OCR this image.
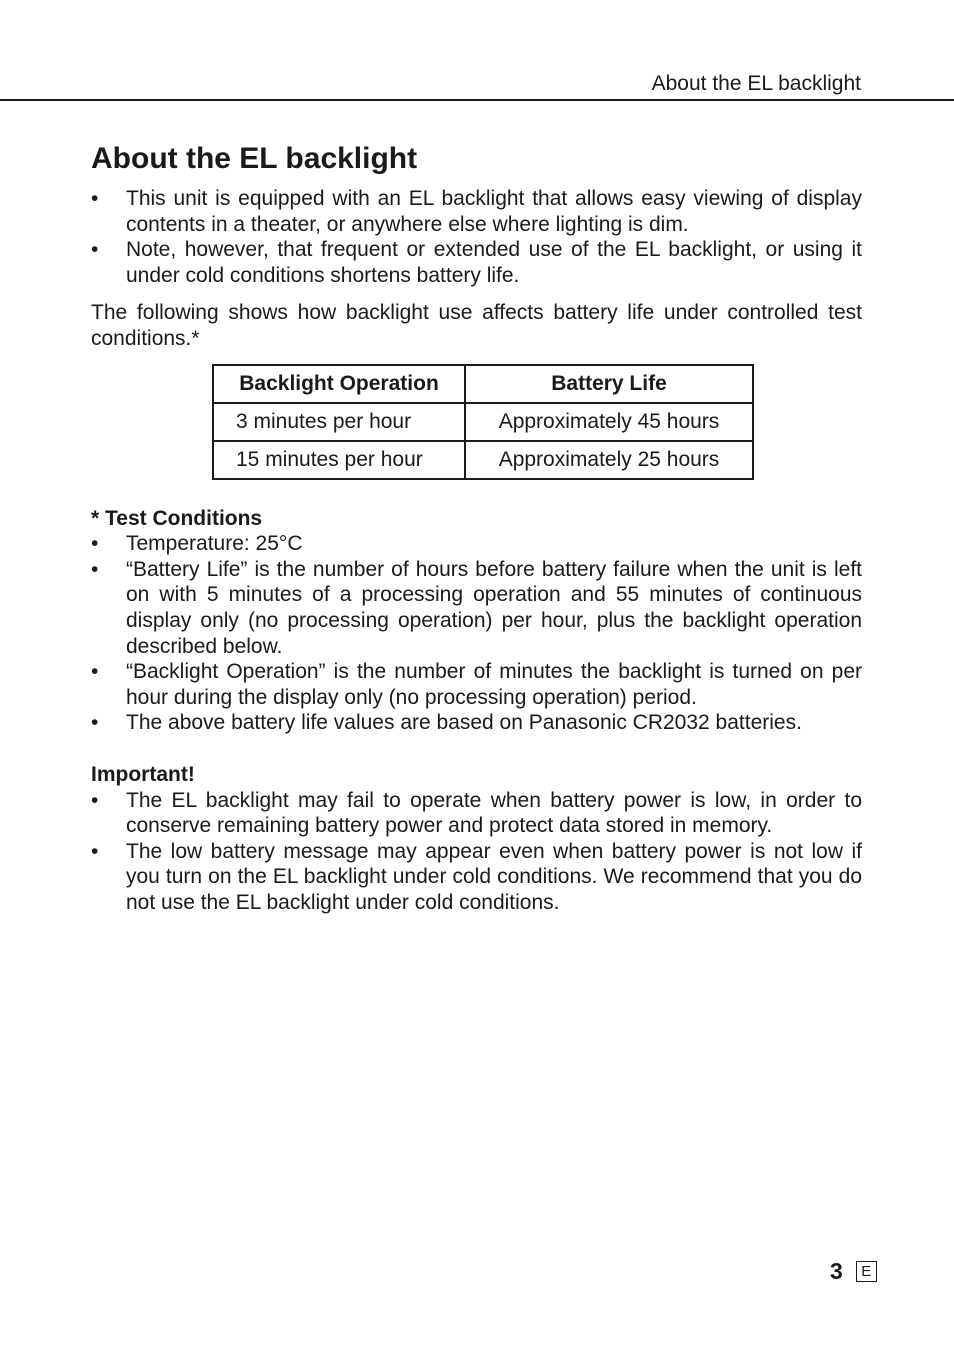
About the EL backlight
About the EL backlight
• This unit is equipped with an EL backlight that allows easy viewing of display contents in a theater, or anywhere else where lighting is dim.
• Note, however, that frequent or extended use of the EL backlight, or using it under cold conditions shortens battery life.

The following shows how backlight use affects battery life under controlled test conditions.*

Backlight Operation	Battery Life
3 minutes per hour	Approximately 45 hours
15 minutes per hour	Approximately 25 hours
* Test Conditions
• Temperature: 25°C
• “Battery Life” is the number of hours before battery failure when the unit is left on with 5 minutes of a processing operation and 55 minutes of continuous display only (no processing operation) per hour, plus the backlight operation described below.
• “Backlight Operation” is the number of minutes the backlight is turned on per hour during the display only (no processing operation) period.
• The above battery life values are based on Panasonic CR2032 batteries.
Important!
• The EL backlight may fail to operate when battery power is low, in order to conserve remaining battery power and protect data stored in memory.
• The low battery message may appear even when battery power is not low if you turn on the EL backlight under cold conditions. We recommend that you do not use the EL backlight under cold conditions.
3	E
